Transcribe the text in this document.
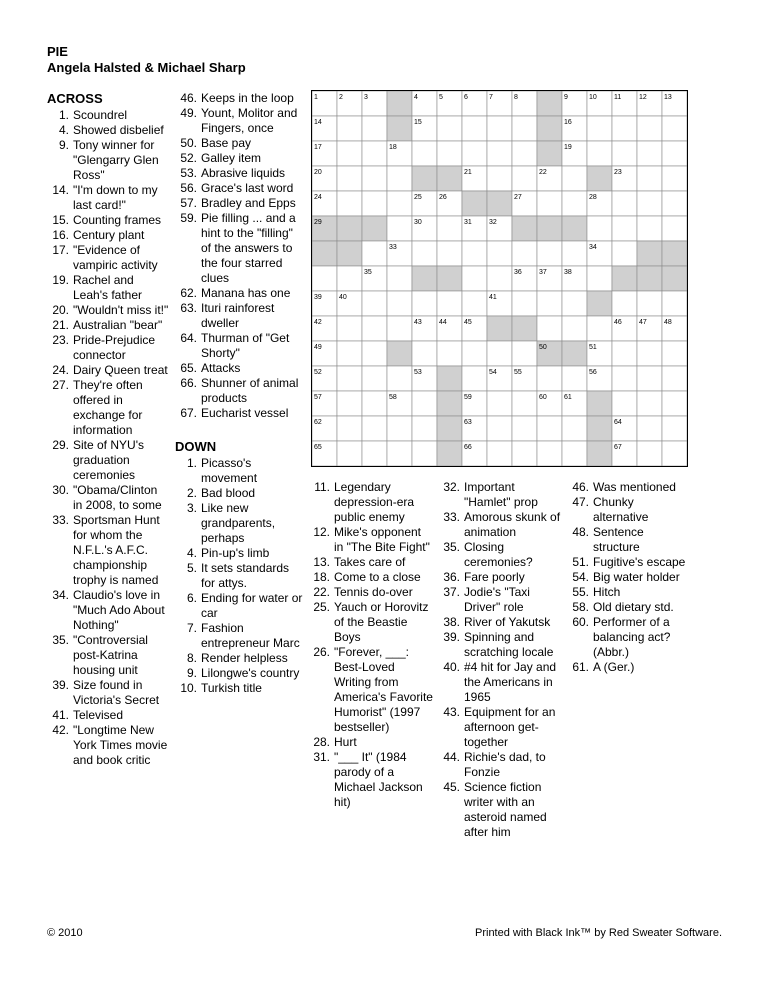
PIE
Angela Halsted & Michael Sharp
ACROSS
1. Scoundrel
4. Showed disbelief
9. Tony winner for "Glengarry Glen Ross"
14. "I'm down to my last card!"
15. Counting frames
16. Century plant
17. "Evidence of vampiric activity
19. Rachel and Leah's father
20. "Wouldn't miss it!"
21. Australian "bear"
23. Pride-Prejudice connector
24. Dairy Queen treat
27. They're often offered in exchange for information
29. Site of NYU's graduation ceremonies
30. "Obama/Clinton in 2008, to some
33. Sportsman Hunt for whom the N.F.L.'s A.F.C. championship trophy is named
34. Claudio's love in "Much Ado About Nothing"
35. "Controversial post-Katrina housing unit
39. Size found in Victoria's Secret
41. Televised
42. "Longtime New York Times movie and book critic
46. Keeps in the loop
49. Yount, Molitor and Fingers, once
50. Base pay
52. Galley item
53. Abrasive liquids
56. Grace's last word
57. Bradley and Epps
59. Pie filling ... and a hint to the "filling" of the answers to the four starred clues
62. Manana has one
63. Ituri rainforest dweller
64. Thurman of "Get Shorty"
65. Attacks
66. Shunner of animal products
67. Eucharist vessel
DOWN
1. Picasso's movement
2. Bad blood
3. Like new grandparents, perhaps
4. Pin-up's limb
5. It sets standards for attys.
6. Ending for water or car
7. Fashion entrepreneur Marc
8. Render helpless
9. Lilongwe's country
10. Turkish title
1	2	3	4	5	6	7	8	9	10 11	12 13
14	15	16
17	18	19
20	21	22	23
24	25 26	27	28
29	30	31 32
33	34
35	36 37 38
39 40	41
42	43 44 45	46 47 48
49	50	51
52	53	54 55	56
57	58	59	60 61
62	63	64
65	66	67
11. Legendary depression-era public enemy
12. Mike's opponent in "The Bite Fight"
13. Takes care of
18. Come to a close
22. Tennis do-over
25. Yauch or Horovitz of the Beastie Boys
26. "Forever, ___: Best-Loved Writing from America's Favorite Humorist" (1997 bestseller)
28. Hurt
31. "___ It" (1984 parody of a Michael Jackson hit)
32. Important "Hamlet" prop
33. Amorous skunk of animation
35. Closing ceremonies?
36. Fare poorly
37. Jodie's "Taxi Driver" role
38. River of Yakutsk
39. Spinning and scratching locale
40. #4 hit for Jay and the Americans in 1965
43. Equipment for an afternoon get-together
44. Richie's dad, to Fonzie
45. Science fiction writer with an asteroid named after him
46. Was mentioned
47. Chunky alternative
48. Sentence structure
51. Fugitive's escape
54. Big water holder
55. Hitch
58. Old dietary std.
60. Performer of a balancing act? (Abbr.)
61. A (Ger.)
© 2010	Printed with Black Ink™ by Red Sweater Software.
